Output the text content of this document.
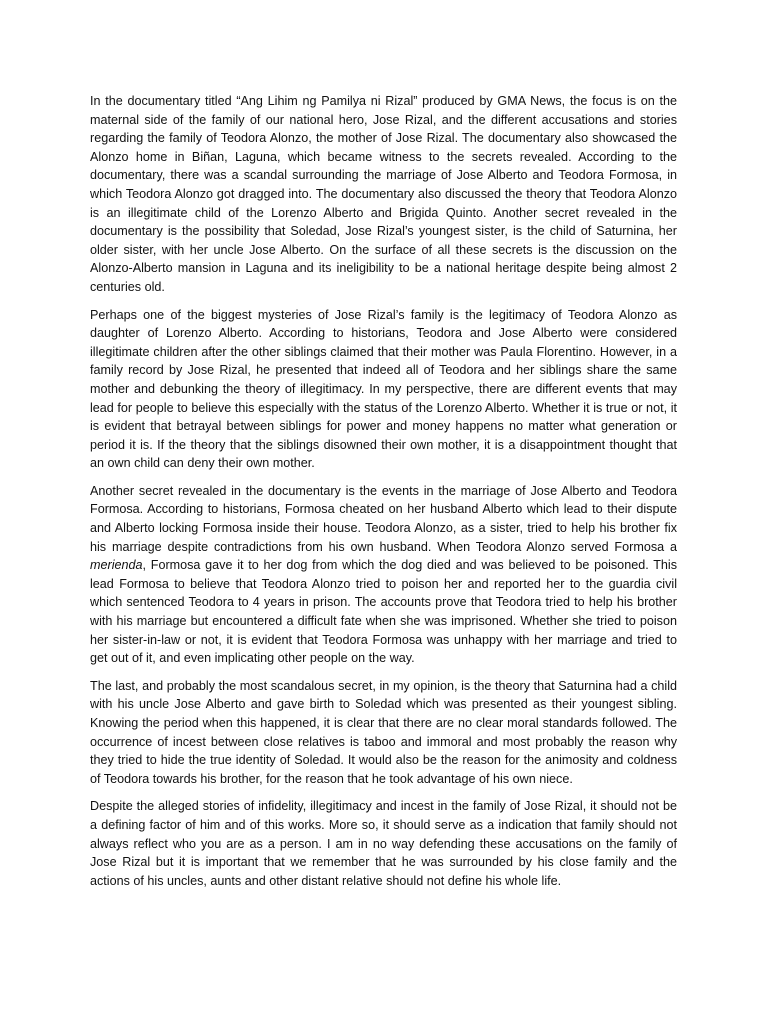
In the documentary titled “Ang Lihim ng Pamilya ni Rizal” produced by GMA News, the focus is on the maternal side of the family of our national hero, Jose Rizal, and the different accusations and stories regarding the family of Teodora Alonzo, the mother of Jose Rizal. The documentary also showcased the Alonzo home in Biñan, Laguna, which became witness to the secrets revealed. According to the documentary, there was a scandal surrounding the marriage of Jose Alberto and Teodora Formosa, in which Teodora Alonzo got dragged into. The documentary also discussed the theory that Teodora Alonzo is an illegitimate child of the Lorenzo Alberto and Brigida Quinto. Another secret revealed in the documentary is the possibility that Soledad, Jose Rizal’s youngest sister, is the child of Saturnina, her older sister, with her uncle Jose Alberto. On the surface of all these secrets is the discussion on the Alonzo-Alberto mansion in Laguna and its ineligibility to be a national heritage despite being almost 2 centuries old.

Perhaps one of the biggest mysteries of Jose Rizal’s family is the legitimacy of Teodora Alonzo as daughter of Lorenzo Alberto. According to historians, Teodora and Jose Alberto were considered illegitimate children after the other siblings claimed that their mother was Paula Florentino. However, in a family record by Jose Rizal, he presented that indeed all of Teodora and her siblings share the same mother and debunking the theory of illegitimacy. In my perspective, there are different events that may lead for people to believe this especially with the status of the Lorenzo Alberto. Whether it is true or not, it is evident that betrayal between siblings for power and money happens no matter what generation or period it is. If the theory that the siblings disowned their own mother, it is a disappointment thought that an own child can deny their own mother.

Another secret revealed in the documentary is the events in the marriage of Jose Alberto and Teodora Formosa. According to historians, Formosa cheated on her husband Alberto which lead to their dispute and Alberto locking Formosa inside their house. Teodora Alonzo, as a sister, tried to help his brother fix his marriage despite contradictions from his own husband. When Teodora Alonzo served Formosa a merienda, Formosa gave it to her dog from which the dog died and was believed to be poisoned. This lead Formosa to believe that Teodora Alonzo tried to poison her and reported her to the guardia civil which sentenced Teodora to 4 years in prison. The accounts prove that Teodora tried to help his brother with his marriage but encountered a difficult fate when she was imprisoned. Whether she tried to poison her sister-in-law or not, it is evident that Teodora Formosa was unhappy with her marriage and tried to get out of it, and even implicating other people on the way.

The last, and probably the most scandalous secret, in my opinion, is the theory that Saturnina had a child with his uncle Jose Alberto and gave birth to Soledad which was presented as their youngest sibling. Knowing the period when this happened, it is clear that there are no clear moral standards followed. The occurrence of incest between close relatives is taboo and immoral and most probably the reason why they tried to hide the true identity of Soledad. It would also be the reason for the animosity and coldness of Teodora towards his brother, for the reason that he took advantage of his own niece.

Despite the alleged stories of infidelity, illegitimacy and incest in the family of Jose Rizal, it should not be a defining factor of him and of this works. More so, it should serve as a indication that family should not always reflect who you are as a person. I am in no way defending these accusations on the family of Jose Rizal but it is important that we remember that he was surrounded by his close family and the actions of his uncles, aunts and other distant relative should not define his whole life.
